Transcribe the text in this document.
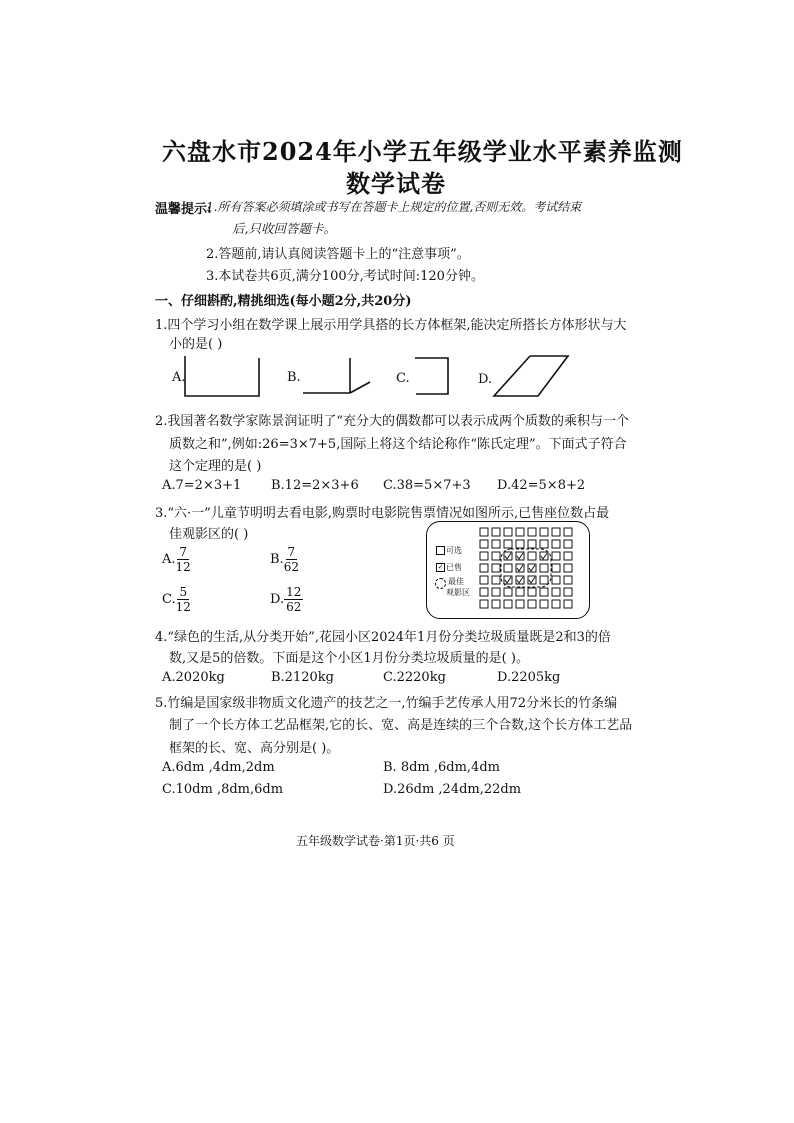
六盘水市2024年小学五年级学业水平素养监测
数学试卷
温馨提示:
1.所有答案必须填涂或书写在答题卡上规定的位置,否则无效。考试结束
后,只收回答题卡。
2.答题前,请认真阅读答题卡上的“注意事项”。
3.本试卷共6页,满分100分,考试时间:120分钟。
一、仔细斟酌,精挑细选(每小题2分,共20分)
1.四个学习小组在数学课上展示用学具搭的长方体框架,能决定所搭长方体形状与大
小的是( )
A.	B.	C.	D.
2.我国著名数学家陈景润证明了“充分大的偶数都可以表示成两个质数的乘积与一个
质数之和”,例如:26=3×7+5,国际上将这个结论称作“陈氏定理”。下面式子符合
这个定理的是( )
A.7=2×3+1 B.12=2×3+6 C.38=5×7+3 D.42=5×8+2
3.“六·一”儿童节明明去看电影,购票时电影院售票情况如图所示,已售座位数占最
佳观影区的( )
A. $\frac{7}{12}$	B. $\frac{7}{62}$
C. $\frac{5}{12}$	D. $\frac{12}{62}$
可选
✓ 已售
最佳
观影区
4.“绿色的生活,从分类开始”,花园小区2024年1月份分类垃圾质量既是2和3的倍
数,又是5的倍数。下面是这个小区1月份分类垃圾质量的是( )。
A.2020kg	B.2120kg	C.2220kg	D.2205kg
5.竹编是国家级非物质文化遗产的技艺之一,竹编手艺传承人用72分米长的竹条编
制了一个长方体工艺品框架,它的长、宽、高是连续的三个合数,这个长方体工艺品
框架的长、宽、高分别是( )。
A.6dm ,4dm,2dm	B. 8dm ,6dm,4dm
C.10dm ,8dm,6dm	D.26dm ,24dm,22dm
五年级数学试卷·第1页·共6 页
